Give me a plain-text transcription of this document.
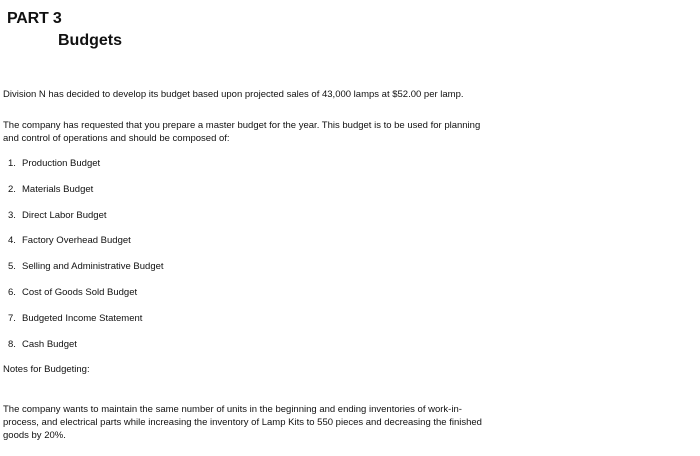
PART 3
Budgets
Division N has decided to develop its budget based upon projected sales of 43,000 lamps at $52.00 per lamp.
The company has requested that you prepare a master budget for the year. This budget is to be used for planning and control of operations and should be composed of:
1. Production Budget
2. Materials Budget
3. Direct Labor Budget
4. Factory Overhead Budget
5. Selling and Administrative Budget
6. Cost of Goods Sold Budget
7. Budgeted Income Statement
8. Cash Budget
Notes for Budgeting:
The company wants to maintain the same number of units in the beginning and ending inventories of work-in-process, and electrical parts while increasing the inventory of Lamp Kits to 550 pieces and decreasing the finished goods by 20%.
